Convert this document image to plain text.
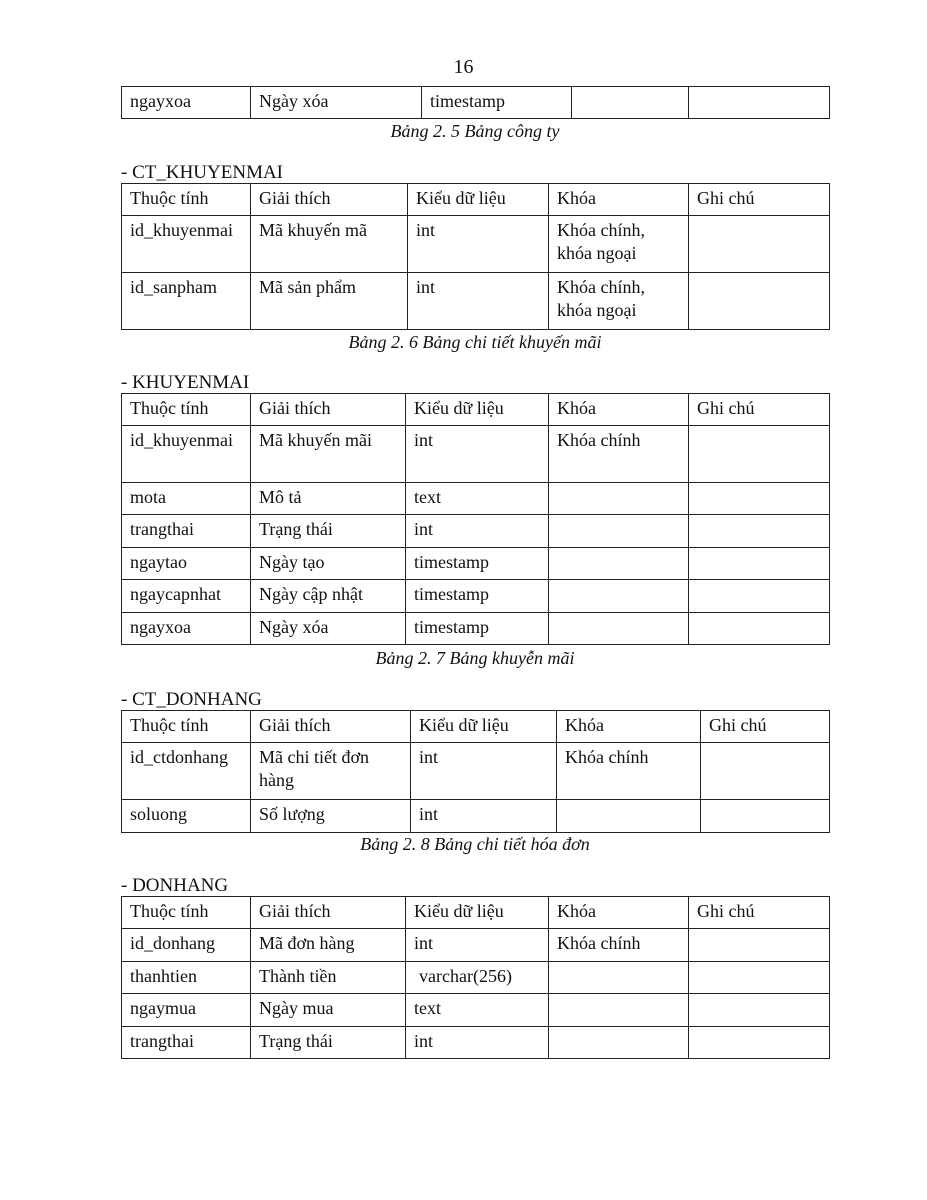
16
ngayxoa	Ngày xóa	timestamp		
Bảng 2. 5 Bảng công ty
- CT_KHUYENMAI
Thuộc tính	Giải thích	Kiểu dữ liệu	Khóa	Ghi chú
id_khuyenmai	Mã khuyến mã	int	Khóa chính, khóa ngoại	
id_sanpham	Mã sản phẩm	int	Khóa chính, khóa ngoại	
Bảng 2. 6 Bảng chi tiết khuyến mãi
- KHUYENMAI
Thuộc tính	Giải thích	Kiểu dữ liệu	Khóa	Ghi chú
id_khuyenmai	Mã khuyến mãi	int	Khóa chính	
mota	Mô tả	text		
trangthai	Trạng thái	int		
ngaytao	Ngày tạo	timestamp		
ngaycapnhat	Ngày cập nhật	timestamp		
ngayxoa	Ngày xóa	timestamp		
Bảng 2. 7 Bảng khuyễn mãi
- CT_DONHANG
Thuộc tính	Giải thích	Kiểu dữ liệu	Khóa	Ghi chú
id_ctdonhang	Mã chi tiết đơn hàng	int	Khóa chính	
soluong	Số lượng	int		
Bảng 2. 8 Bảng chi tiết hóa đơn
- DONHANG
Thuộc tính	Giải thích	Kiểu dữ liệu	Khóa	Ghi chú
id_donhang	Mã đơn hàng	int	Khóa chính	
thanhtien	Thành tiền	varchar(256)		
ngaymua	Ngày mua	text		
trangthai	Trạng thái	int		
